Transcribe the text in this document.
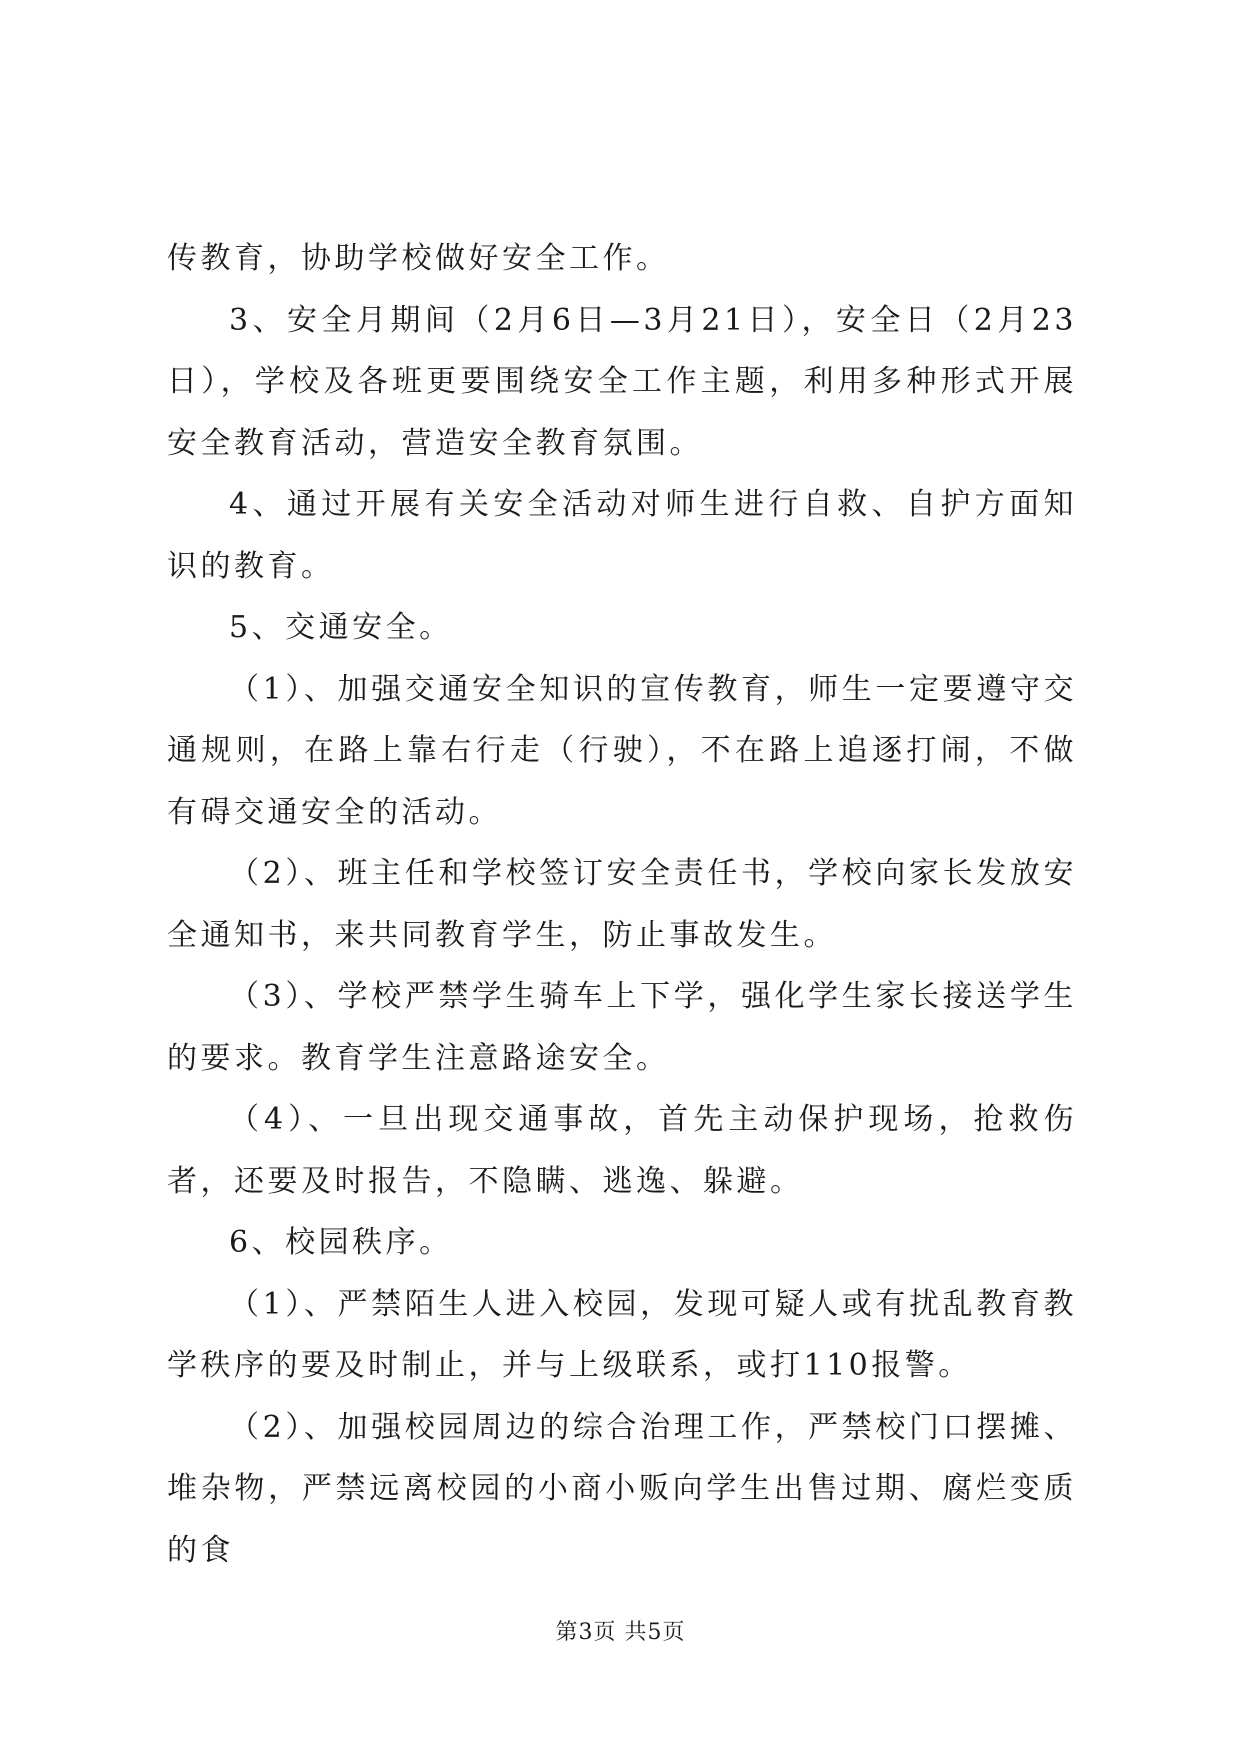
传教育，协助学校做好安全工作。

3、安全月期间（2月6日—3月21日），安全日（2月23日），学校及各班更要围绕安全工作主题，利用多种形式开展安全教育活动，营造安全教育氛围。

4、通过开展有关安全活动对师生进行自救、自护方面知识的教育。

5、交通安全。

（1）、加强交通安全知识的宣传教育，师生一定要遵守交通规则，在路上靠右行走（行驶），不在路上追逐打闹，不做有碍交通安全的活动。

（2）、班主任和学校签订安全责任书，学校向家长发放安全通知书，来共同教育学生，防止事故发生。

（3）、学校严禁学生骑车上下学，强化学生家长接送学生的要求。教育学生注意路途安全。

（4）、一旦出现交通事故，首先主动保护现场，抢救伤者，还要及时报告，不隐瞒、逃逸、躲避。

6、校园秩序。

（1）、严禁陌生人进入校园，发现可疑人或有扰乱教育教学秩序的要及时制止，并与上级联系，或打110报警。

（2）、加强校园周边的综合治理工作，严禁校门口摆摊、堆杂物，严禁远离校园的小商小贩向学生出售过期、腐烂变质的食

第3页 共5页
